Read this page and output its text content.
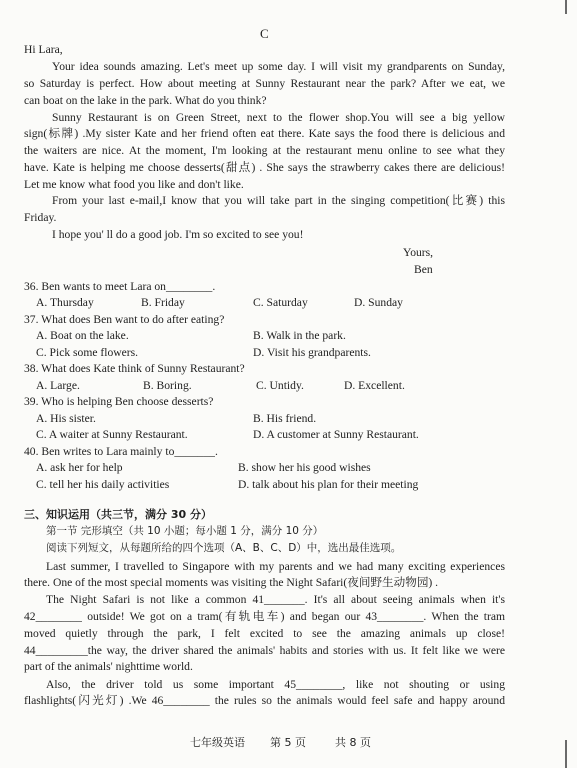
C
Hi Lara,
Your idea sounds amazing. Let's meet up some day. I will visit my grandparents on Sunday,
so Saturday is perfect. How about meeting at Sunny Restaurant near the park? After we eat, we
can boat on the lake in the park. What do you think?
Sunny Restaurant is on Green Street, next to the flower shop.You will see a big yellow
sign(标牌) .My sister Kate and her friend often eat there. Kate says the food there is delicious and
the waiters are nice. At the moment, I'm looking at the restaurant menu online to see what they
have. Kate is helping me choose desserts(甜点) . She says the strawberry cakes there are delicious!
Let me know what food you like and don't like.
From your last e-mail,I know that you will take part in the singing competition(比赛) this
Friday.
I hope you' ll do a good job. I'm so excited to see you!
Yours,
Ben
36. Ben wants to meet Lara on________.
A. Thursday	B. Friday	C. Saturday	D. Sunday
37. What does Ben want to do after eating?
A. Boat on the lake.	B. Walk in the park.
C. Pick some flowers.	D. Visit his grandparents.
38. What does Kate think of Sunny Restaurant?
A. Large.	B. Boring.	C. Untidy.	D. Excellent.
39. Who is helping Ben choose desserts?
A. His sister.	B. His friend.
C. A waiter at Sunny Restaurant.	D. A customer at Sunny Restaurant.
40. Ben writes to Lara mainly to_______.
A. ask her for help	B. show her his good wishes
C. tell her his daily activities	D. talk about his plan for their meeting
三、知识运用（共三节，满分 30 分）
第一节 完形填空（共 10 小题；每小题 1 分，满分 10 分）
阅读下列短文，从每题所给的四个选项（A、B、C、D）中，选出最佳选项。
Last summer, I travelled to Singapore with my parents and we had many exciting experiences
there. One of the most special moments was visiting the Night Safari(夜间野生动物园) .
The Night Safari is not like a common 41_______. It's all about seeing animals when it's
42________ outside! We got on a tram(有轨电车) and began our 43________. When the tram
moved quietly through the park, I felt excited to see the amazing animals up close!
44_________the way, the driver shared the animals' habits and stories with us. It felt like we were
part of the animals' nighttime world.
Also, the driver told us some important 45________, like not shouting or using
flashlights(闪光灯) .We 46________ the rules so the animals would feel safe and happy around
七年级英语 第 5 页	共 8 页
